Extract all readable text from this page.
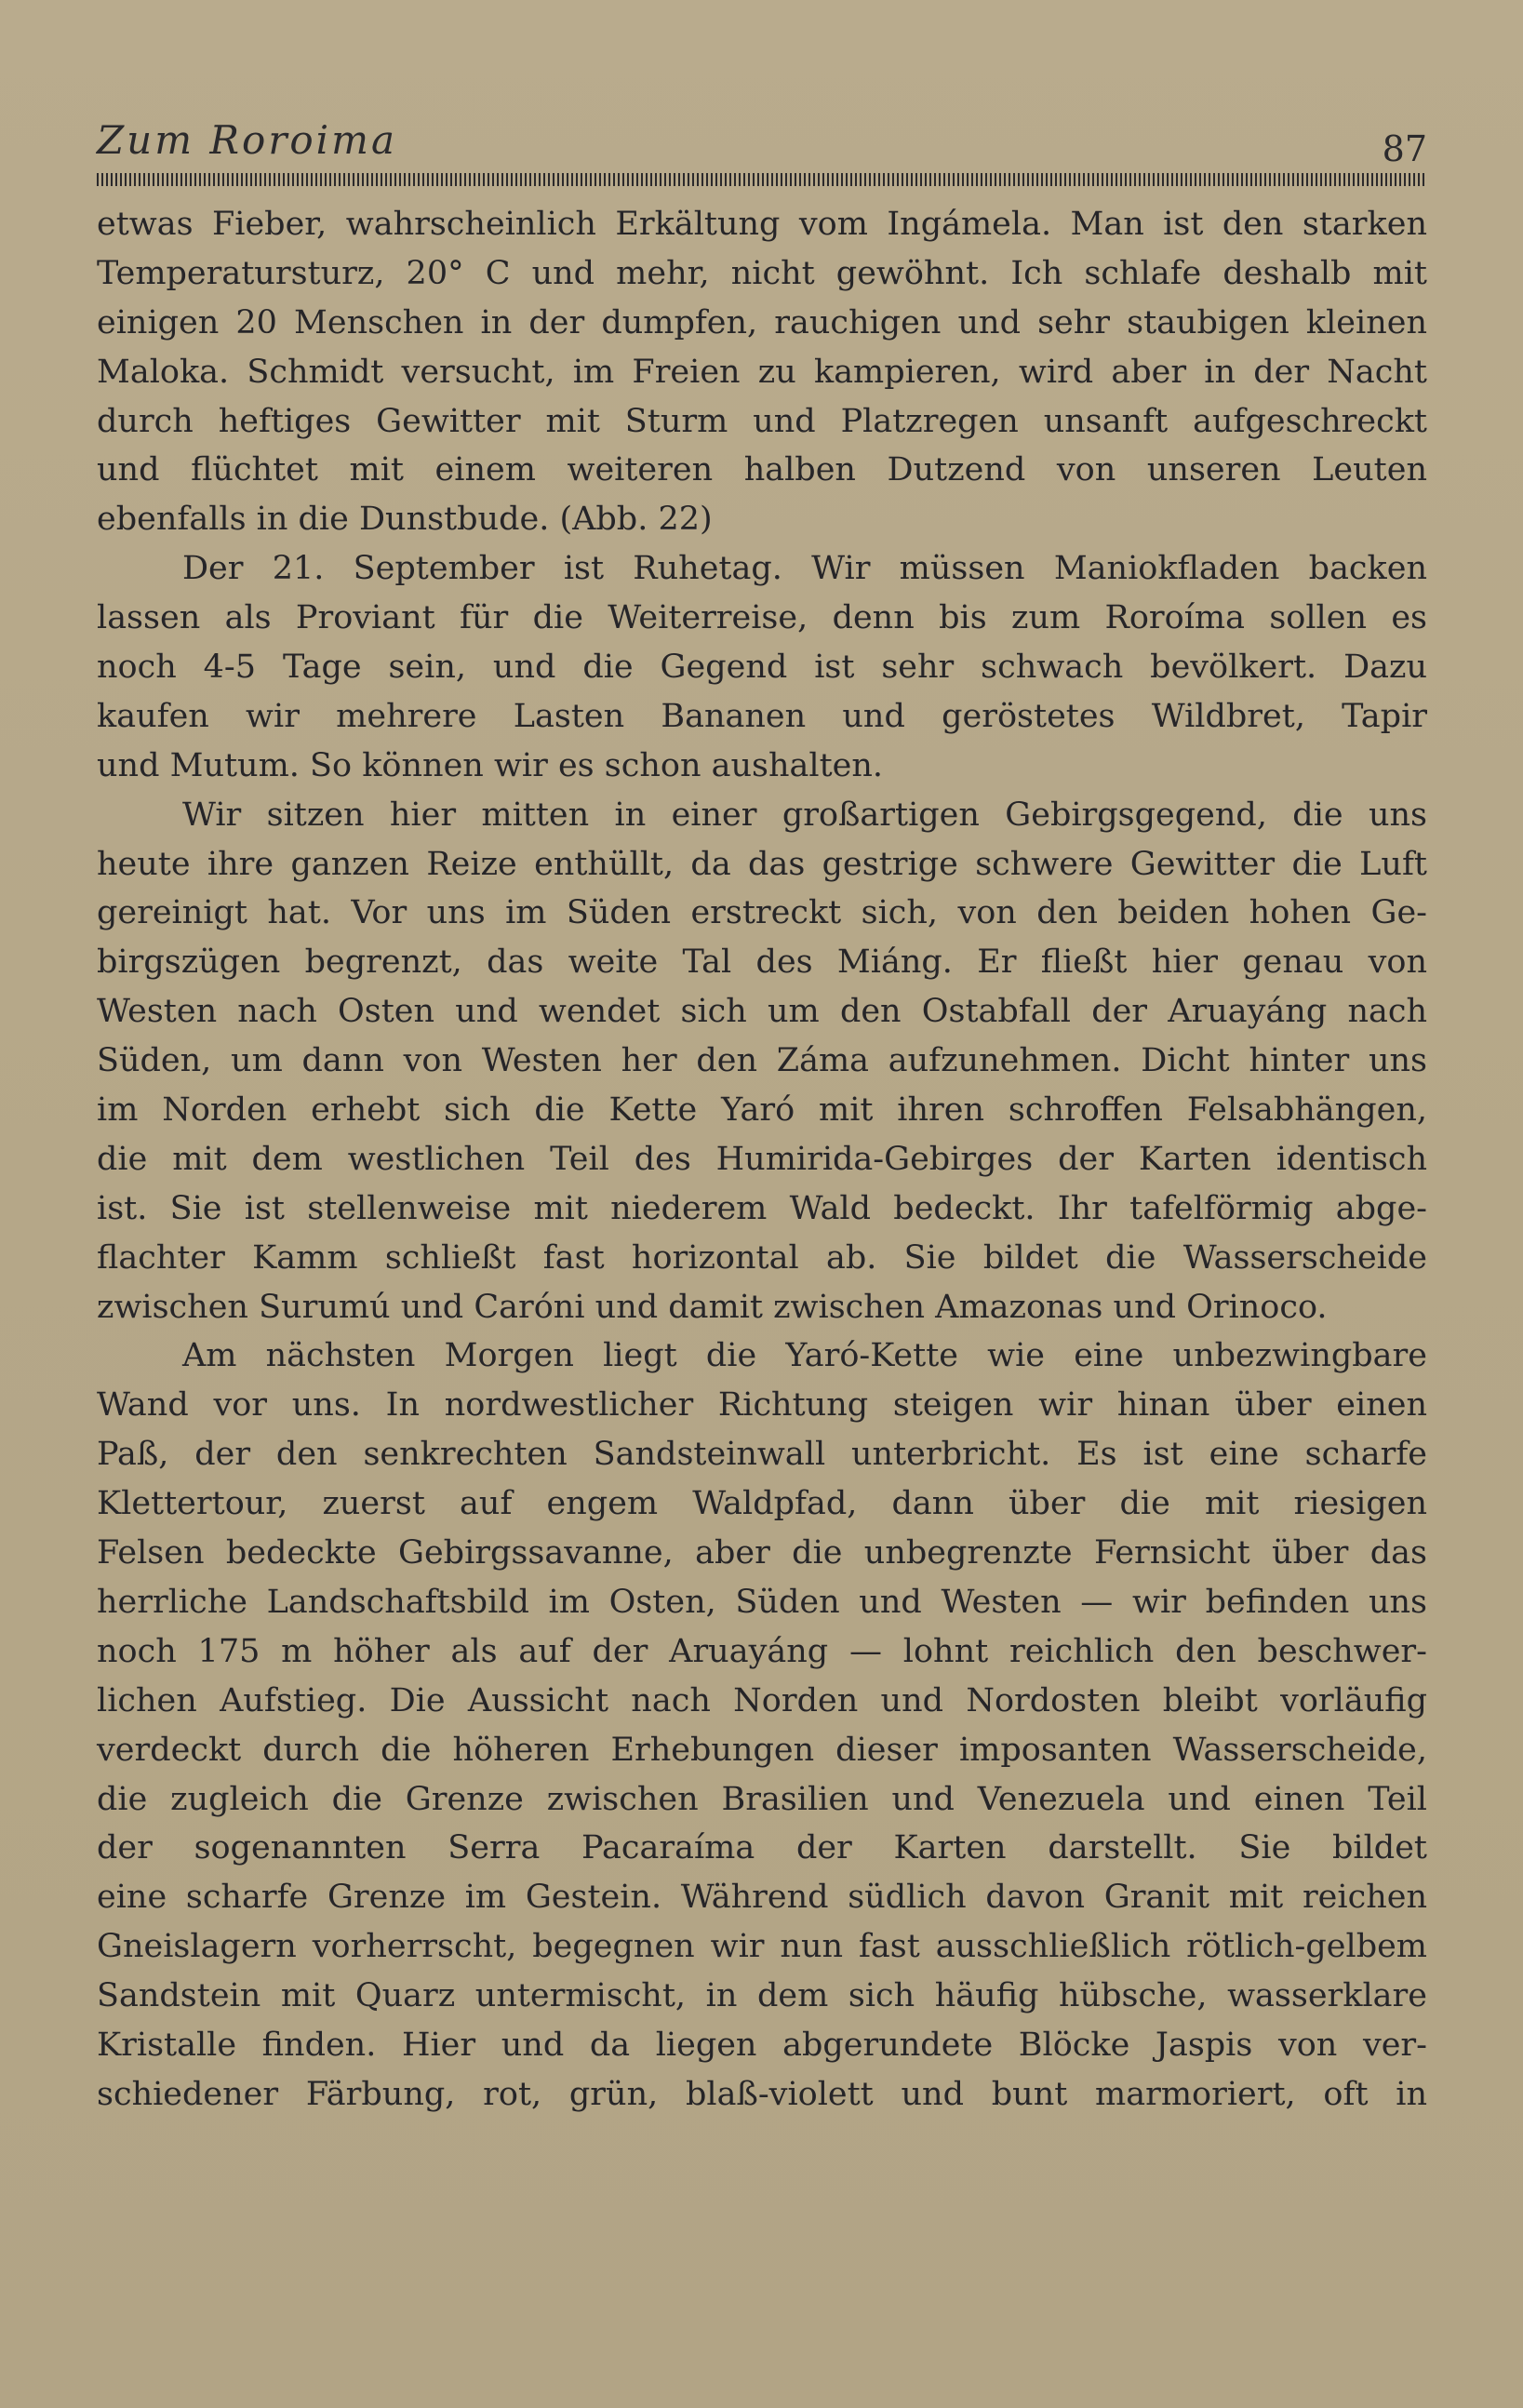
Zum Roroima	87
etwas Fieber, wahrscheinlich Erkältung vom Ingámela. Man ist den starken
Temperatursturz, 20° C und mehr, nicht gewöhnt. Ich schlafe deshalb mit
einigen 20 Menschen in der dumpfen, rauchigen und sehr staubigen kleinen
Maloka. Schmidt versucht, im Freien zu kampieren, wird aber in der Nacht
durch heftiges Gewitter mit Sturm und Platzregen unsanft aufgeschreckt
und flüchtet mit einem weiteren halben Dutzend von unseren Leuten
ebenfalls in die Dunstbude. (Abb. 22)
Der 21. September ist Ruhetag. Wir müssen Maniokfladen backen
lassen als Proviant für die Weiterreise, denn bis zum Roroíma sollen es
noch 4-5 Tage sein, und die Gegend ist sehr schwach bevölkert. Dazu
kaufen wir mehrere Lasten Bananen und geröstetes Wildbret, Tapir
und Mutum. So können wir es schon aushalten.
Wir sitzen hier mitten in einer großartigen Gebirgsgegend, die uns
heute ihre ganzen Reize enthüllt, da das gestrige schwere Gewitter die Luft
gereinigt hat. Vor uns im Süden erstreckt sich, von den beiden hohen Ge-
birgszügen begrenzt, das weite Tal des Miáng. Er fließt hier genau von
Westen nach Osten und wendet sich um den Ostabfall der Aruayáng nach
Süden, um dann von Westen her den Záma aufzunehmen. Dicht hinter uns
im Norden erhebt sich die Kette Yaró mit ihren schroffen Felsabhängen,
die mit dem westlichen Teil des Humirida-Gebirges der Karten identisch
ist. Sie ist stellenweise mit niederem Wald bedeckt. Ihr tafelförmig abge-
flachter Kamm schließt fast horizontal ab. Sie bildet die Wasserscheide
zwischen Surumú und Caróni und damit zwischen Amazonas und Orinoco.
Am nächsten Morgen liegt die Yaró-Kette wie eine unbezwingbare
Wand vor uns. In nordwestlicher Richtung steigen wir hinan über einen
Paß, der den senkrechten Sandsteinwall unterbricht. Es ist eine scharfe
Klettertour, zuerst auf engem Waldpfad, dann über die mit riesigen
Felsen bedeckte Gebirgssavanne, aber die unbegrenzte Fernsicht über das
herrliche Landschaftsbild im Osten, Süden und Westen — wir befinden uns
noch 175 m höher als auf der Aruayáng — lohnt reichlich den beschwer-
lichen Aufstieg. Die Aussicht nach Norden und Nordosten bleibt vorläufig
verdeckt durch die höheren Erhebungen dieser imposanten Wasserscheide,
die zugleich die Grenze zwischen Brasilien und Venezuela und einen Teil
der sogenannten Serra Pacaraíma der Karten darstellt. Sie bildet
eine scharfe Grenze im Gestein. Während südlich davon Granit mit reichen
Gneislagern vorherrscht, begegnen wir nun fast ausschließlich rötlich-gelbem
Sandstein mit Quarz untermischt, in dem sich häufig hübsche, wasserklare
Kristalle finden. Hier und da liegen abgerundete Blöcke Jaspis von ver-
schiedener Färbung, rot, grün, blaß-violett und bunt marmoriert, oft in
